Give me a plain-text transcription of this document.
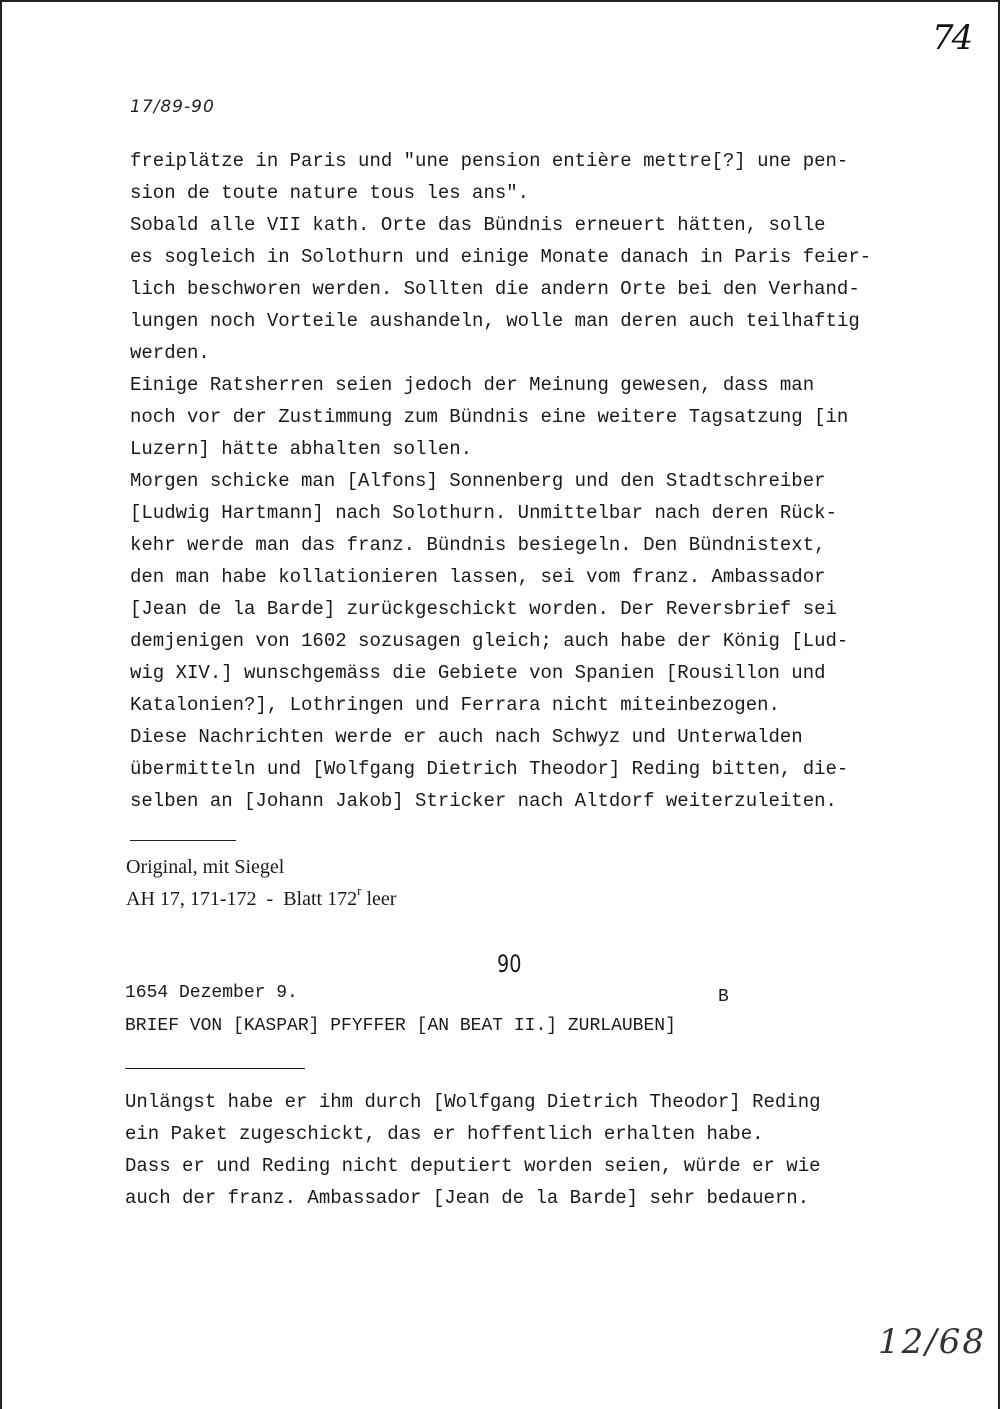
74
17/89-90
freiplätze in Paris und "une pension entière mettre[?] une pen-
sion de toute nature tous les ans".
Sobald alle VII kath. Orte das Bündnis erneuert hätten, solle
es sogleich in Solothurn und einige Monate danach in Paris feier-
lich beschworen werden. Sollten die andern Orte bei den Verhand-
lungen noch Vorteile aushandeln, wolle man deren auch teilhaftig
werden.
Einige Ratsherren seien jedoch der Meinung gewesen, dass man
noch vor der Zustimmung zum Bündnis eine weitere Tagsatzung [in
Luzern] hätte abhalten sollen.
Morgen schicke man [Alfons] Sonnenberg und den Stadtschreiber
[Ludwig Hartmann] nach Solothurn. Unmittelbar nach deren Rück-
kehr werde man das franz. Bündnis besiegeln. Den Bündnistext,
den man habe kollationieren lassen, sei vom franz. Ambassador
[Jean de la Barde] zurückgeschickt worden. Der Reversbrief sei
demjenigen von 1602 sozusagen gleich; auch habe der König [Lud-
wig XIV.] wunschgemäss die Gebiete von Spanien [Rousillon und
Katalonien?], Lothringen und Ferrara nicht miteinbezogen.
Diese Nachrichten werde er auch nach Schwyz und Unterwalden
übermitteln und [Wolfgang Dietrich Theodor] Reding bitten, die-
selben an [Johann Jakob] Stricker nach Altdorf weiterzuleiten.
Original, mit Siegel
AH 17, 171-172  -  Blatt 172$^r$ leer
90
1654 Dezember 9.	B
BRIEF VON [KASPAR] PFYFFER [AN BEAT II.] ZURLAUBEN]
Unlängst habe er ihm durch [Wolfgang Dietrich Theodor] Reding
ein Paket zugeschickt, das er hoffentlich erhalten habe.
Dass er und Reding nicht deputiert worden seien, würde er wie
auch der franz. Ambassador [Jean de la Barde] sehr bedauern.
12/68
